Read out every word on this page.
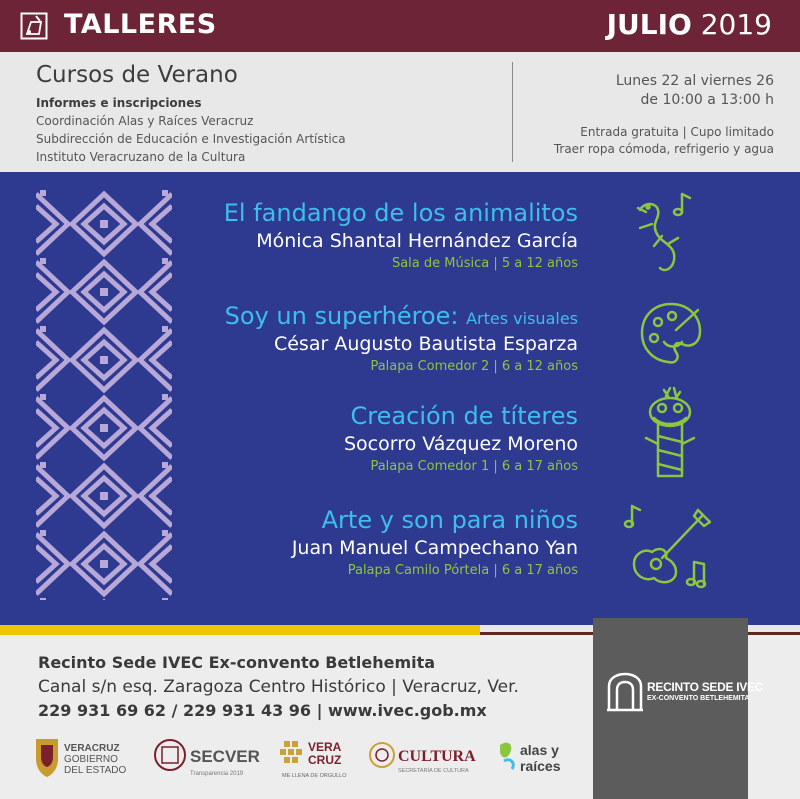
TALLERES	JULIO 2019
Cursos de Verano
Informes e inscripciones
Coordinación Alas y Raíces Veracruz
Subdirección de Educación e Investigación Artística
Instituto Veracruzano de la Cultura
Lunes 22 al viernes 26
de 10:00 a 13:00 h
Entrada gratuita | Cupo limitado
Traer ropa cómoda, refrigerio y agua
El fandango de los animalitos
Mónica Shantal Hernández García
Sala de Música | 5 a 12 años
Soy un superhéroe: Artes visuales
César Augusto Bautista Esparza
Palapa Comedor 2 | 6 a 12 años
Creación de títeres
Socorro Vázquez Moreno
Palapa Comedor 1 | 6 a 17 años
Arte y son para niños
Juan Manuel Campechano Yan
Palapa Camilo Pórtela | 6 a 17 años
Recinto Sede IVEC Ex-convento Betlehemita
Canal s/n esq. Zaragoza Centro Histórico | Veracruz, Ver.
229 931 69 62 / 229 931 43 96 | www.ivec.gob.mx
VERACRUZ
GOBIERNO
DEL ESTADO
SECVER
Transparencia 2019
VERA
CRUZ
ME LLENA DE ORGULLO
CULTURA
SECRETARÍA DE CULTURA
alas y
raíces
RECINTO SEDE IVEC
EX-CONVENTO BETLEHEMITA
